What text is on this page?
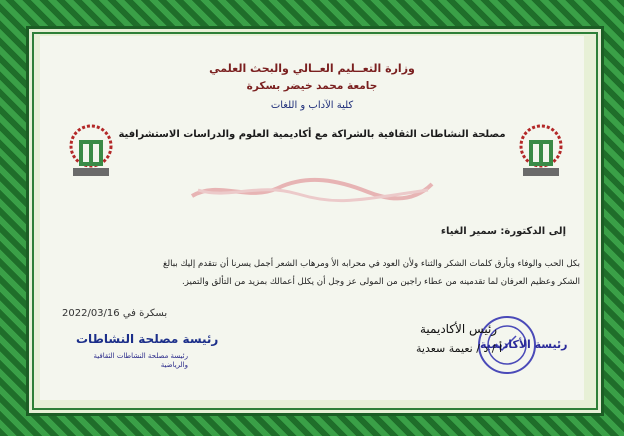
وزارة التعــليم العــالي والبحث العلمي
جامعة محمد خيضر بسكرة
كلية الآداب و اللغات
مصلحة النشاطات الثقافية بالشراكة مع أكاديمية العلوم والدراسات الاستشرافية
إلى الدكتورة: سمير الغياء
بكل الحب والوفاء وبأرق كلمات الشكر والثناء ولأن العود في محرابه الأ ومرهاب الشعر أجمل يسرنا أن نتقدم إليك ببالغ
الشكر وعظيم العرفان لما تقدمينه من عطاء راجين من المولى عز وجل أن يكلل أعمالك بمزيد من التألق والتميز.
بسكرة في 2022/03/16
رئيسة مصلحة النشاطات
رئيسة مصلحة النشاطات الثقافية والرياضية
رئيسة الأكاديمية
رئيس الأكاديمية
أ / د / نعيمة سعدية
